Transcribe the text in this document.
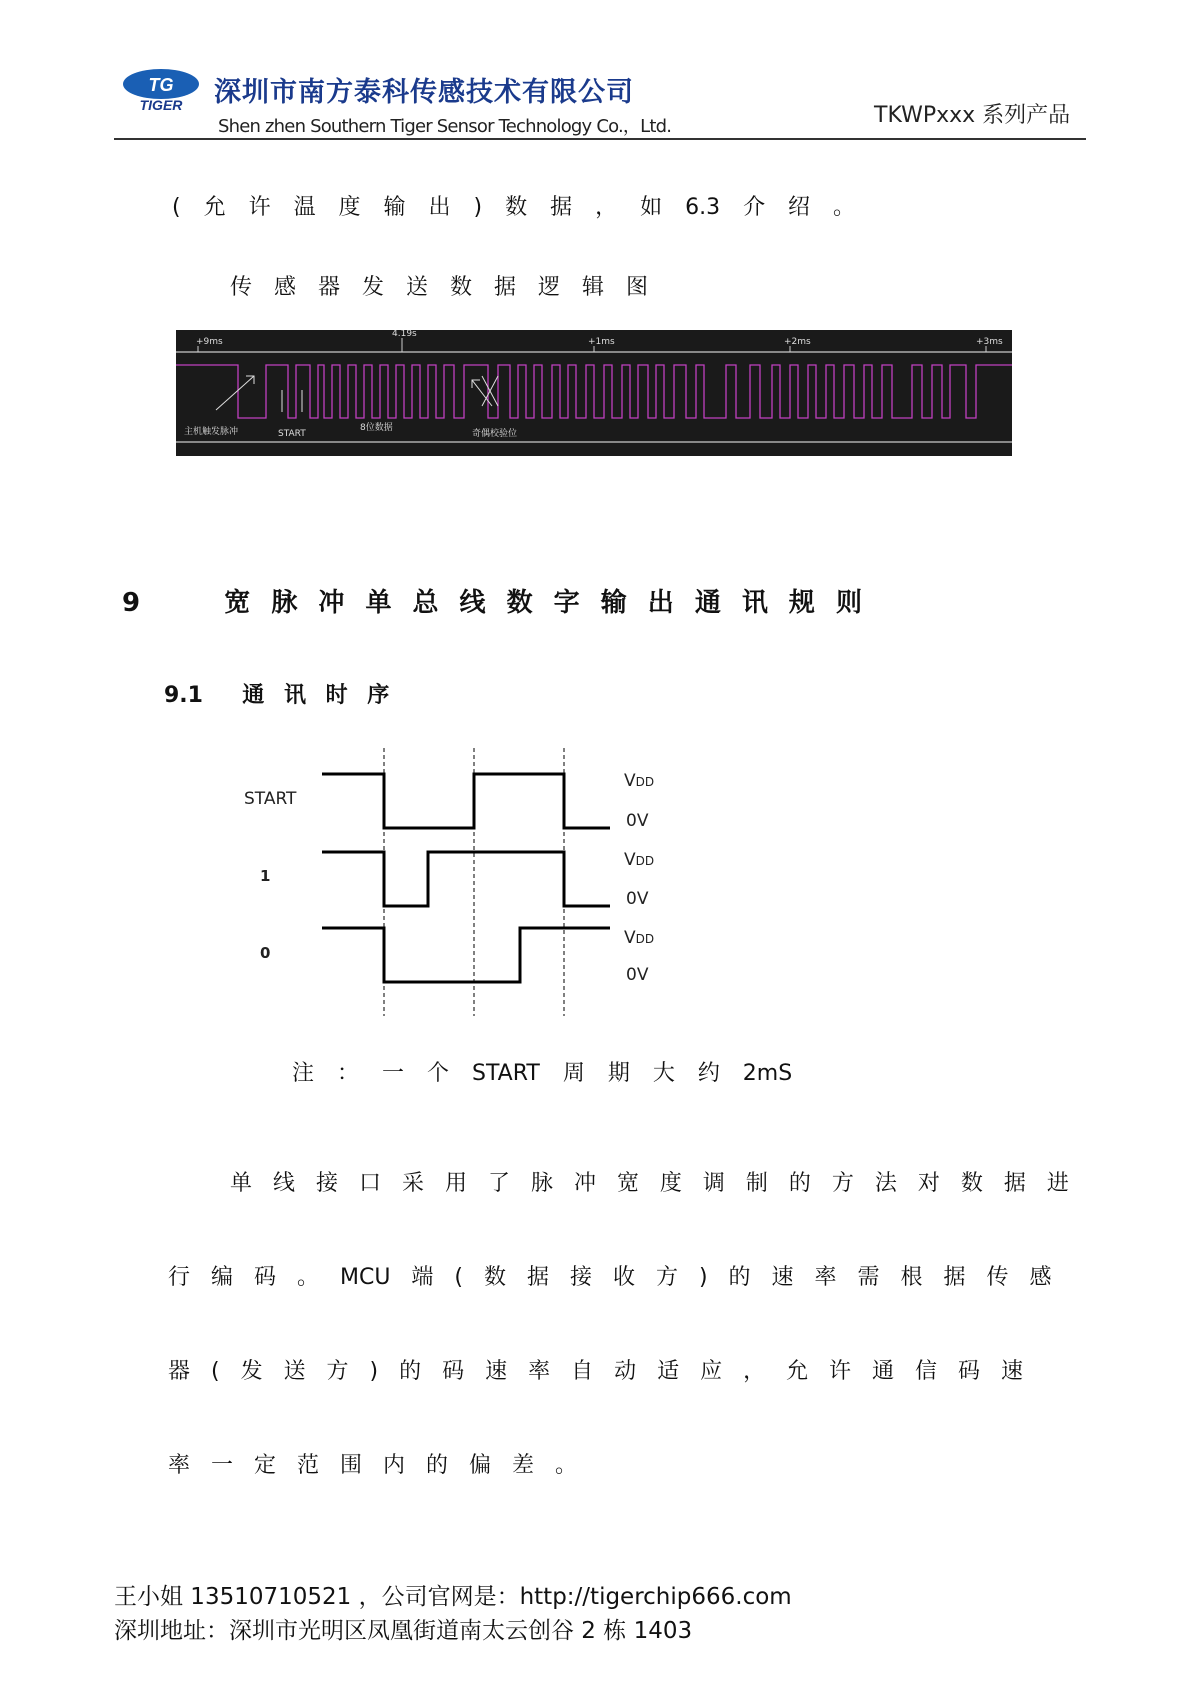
TG
TIGER 深圳市南方泰科传感技术有限公司
Shen zhen Southern Tiger Sensor Technology Co.，Ltd.	TKWPxxx 系列产品
( 允 许 温 度 输 出 ) 数 据 ， 如 6.3 介 绍 。
传 感 器 发 送 数 据 逻 辑 图
+9ms
4.19s
+1ms	+2ms	+3ms
主机触发脉冲	START
8位数据
奇偶校验位
9    宽 脉 冲 单 总 线 数 字 输 出 通 讯 规 则
9.1  通 讯 时 序
START
1
0
VDD
0V
VDD
0V
VDD
0V
注 ： 一 个 START 周 期 大 约 2mS
单 线 接 口 采 用 了 脉 冲 宽 度 调 制 的 方 法 对 数 据 进
行 编 码 。 MCU 端 ( 数 据 接 收 方 ) 的 速 率 需 根 据 传 感
器 ( 发 送 方 ) 的 码 速 率 自 动 适 应 ， 允 许 通 信 码 速
率 一 定 范 围 内 的 偏 差 。
王小姐 13510710521 ，公司官网是：http://tigerchip666.com
深圳地址：深圳市光明区凤凰街道南太云创谷 2 栋 1403
